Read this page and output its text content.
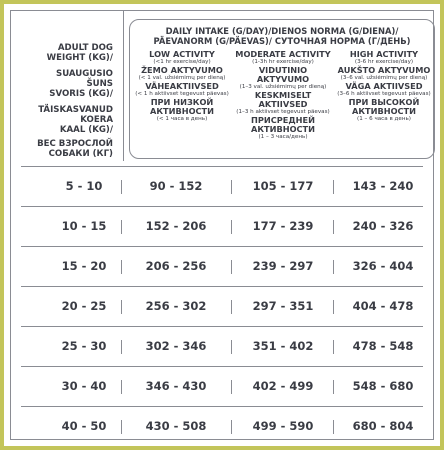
ADULT DOG
WEIGHT (KG)/
SUAUGUSIO
ŠUNS
SVORIS (KG)/
TÄISKASVANUD
KOERA
KAAL (KG)/
ВЕС ВЗРОСЛОЙ
СОБАКИ (КГ)
DAILY INTAKE (G/DAY)/DIENOS NORMA (G/DIENA)/
PÄEVANORM (G/PÄEVAS)/ СУТОЧНАЯ НОРМА (Г/ДЕНЬ)
LOW ACTIVITY
(<1 hr exercise/day)
ŽEMO AKTYVUMO
(< 1 val. užsiėmimų per dieną)
VÄHEAKTIIVSED
(< 1 h aktiivset tegevust päevas)
ПРИ НИЗКОЙ
АКТИВНОСТИ
(< 1 часа в день)
MODERATE ACTIVITY
(1-3h hr exercise/day)
VIDUTINIO AKTYVUMO
(1–3 val. užsiėmimų per dieną)
KESKMISELT
AKTIIVSED
(1–3 h aktiivset tegevust päevas)
ПРИСРЕДНЕЙ
АКТИВНОСТИ
(1 – 3 часа/день)
HIGH ACTIVITY
(3-6 hr exercise/day)
AUKŠTO AKTYVUMO
(3–6 val. užsiėmimų per dieną)
VÄGA AKTIIVSED
(3–6 h aktiivset tegevust päevas)
ПРИ ВЫСОКОЙ
АКТИВНОСТИ
(1 – 6 часа в день)
5 - 10	90 - 152	105 - 177	143 - 240
10 - 15	152 - 206	177 - 239	240 - 326
15 - 20	206 - 256	239 - 297	326 - 404
20 - 25	256 - 302	297 - 351	404 - 478
25 - 30	302 - 346	351 - 402	478 - 548
30 - 40	346 - 430	402 - 499	548 - 680
40 - 50	430 - 508	499 - 590	680 - 804
